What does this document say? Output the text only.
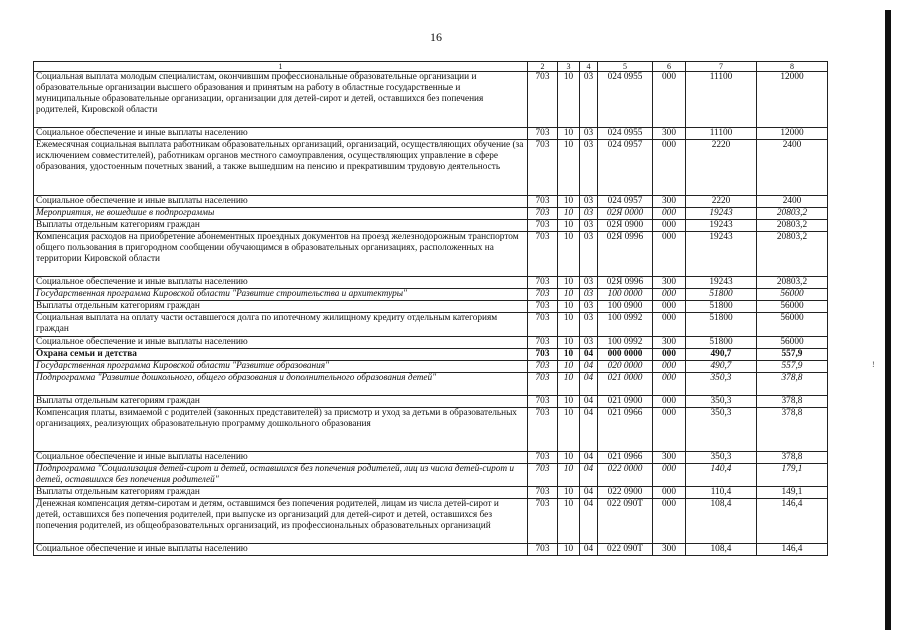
16
1	2	3	4	5	6	7	8
Социальная выплата молодым специалистам, окончившим профессиональные образовательные организации и образовательные организации высшего образования и принятым на работу в областные государственные и муниципальные образовательные организации, организации для детей-сирот и детей, оставшихся без попечения родителей, Кировской области	703	10	03	024 0955	000	11100	12000
Социальное обеспечение и иные выплаты населению	703	10	03	024 0955	300	11100	12000
Ежемесячная социальная выплата работникам образовательных организаций, организаций, осуществляющих обучение (за исключением совместителей), работникам органов местного самоуправления, осуществляющих управление в сфере образования, удостоенным почетных званий, а также вышедшим на пенсию и прекратившим трудовую деятельность	703	10	03	024 0957	000	2220	2400
Социальное обеспечение и иные выплаты населению	703	10	03	024 0957	300	2220	2400
Мероприятия, не вошедшие в подпрограммы	703	10	03	02Я 0000	000	19243	20803,2
Выплаты отдельным категориям граждан	703	10	03	02Я 0900	000	19243	20803,2
Компенсация расходов на приобретение абонементных проездных документов на проезд железнодорожным транспортом общего пользования в пригородном сообщении обучающимся в образовательных организациях, расположенных на территории Кировской области	703	10	03	02Я 0996	000	19243	20803,2
Социальное обеспечение и иные выплаты населению	703	10	03	02Я 0996	300	19243	20803,2
Государственная программа Кировской области "Развитие строительства и архитектуры"	703	10	03	100 0000	000	51800	56000
Выплаты отдельным категориям граждан	703	10	03	100 0900	000	51800	56000
Социальная выплата на оплату части оставшегося долга по ипотечному жилищному кредиту отдельным категориям граждан	703	10	03	100 0992	000	51800	56000
Социальное обеспечение и иные выплаты населению	703	10	03	100 0992	300	51800	56000
Охрана семьи и детства	703	10	04	000 0000	000	490,7	557,9
Государственная программа Кировской области "Развитие образования"	703	10	04	020 0000	000	490,7	557,9
Подпрограмма "Развитие дошкольного, общего образования и дополнительного образования детей"	703	10	04	021 0000	000	350,3	378,8
Выплаты отдельным категориям граждан	703	10	04	021 0900	000	350,3	378,8
Компенсация платы, взимаемой с родителей (законных представителей) за присмотр и уход за детьми в образовательных организациях, реализующих образовательную программу дошкольного образования	703	10	04	021 0966	000	350,3	378,8
Социальное обеспечение и иные выплаты населению	703	10	04	021 0966	300	350,3	378,8
Подпрограмма "Социализация детей-сирот и детей, оставшихся без попечения родителей, лиц из числа детей-сирот и детей, оставшихся без попечения родителей"	703	10	04	022 0000	000	140,4	179,1
Выплаты отдельным категориям граждан	703	10	04	022 0900	000	110,4	149,1
Денежная компенсация детям-сиротам и детям, оставшимся без попечения родителей, лицам из числа детей-сирот и детей, оставшихся без попечения родителей, при выпуске из организаций для детей-сирот и детей, оставшихся без попечения родителей, из общеобразовательных организаций, из профессиональных образовательных организаций	703	10	04	022 090Т	000	108,4	146,4
Социальное обеспечение и иные выплаты населению	703	10	04	022 090Т	300	108,4	146,4
!
